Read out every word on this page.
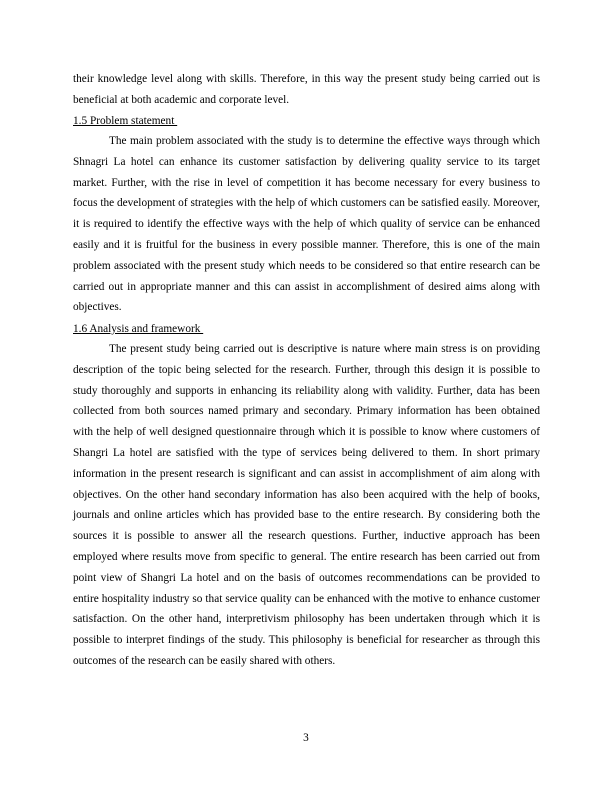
their knowledge level along with skills. Therefore, in this way the present study being carried out is beneficial at both academic and corporate level.

1.5 Problem statement

The main problem associated with the study is to determine the effective ways through which Shnagri La hotel can enhance its customer satisfaction by delivering quality service to its target market. Further, with the rise in level of competition it has become necessary for every business to focus the development of strategies with the help of which customers can be satisfied easily. Moreover, it is required to identify the effective ways with the help of which quality of service can be enhanced easily and it is fruitful for the business in every possible manner. Therefore, this is one of the main problem associated with the present study which needs to be considered so that entire research can be carried out in appropriate manner and this can assist in accomplishment of desired aims along with objectives.

1.6 Analysis and framework

The present study being carried out is descriptive is nature where main stress is on providing description of the topic being selected for the research. Further, through this design it is possible to study thoroughly and supports in enhancing its reliability along with validity. Further, data has been collected from both sources named primary and secondary. Primary information has been obtained with the help of well designed questionnaire through which it is possible to know where customers of Shangri La hotel are satisfied with the type of services being delivered to them. In short primary information in the present research is significant and can assist in accomplishment of aim along with objectives. On the other hand secondary information has also been acquired with the help of books, journals and online articles which has provided base to the entire research. By considering both the sources it is possible to answer all the research questions. Further, inductive approach has been employed where results move from specific to general. The entire research has been carried out from point view of Shangri La hotel and on the basis of outcomes recommendations can be provided to entire hospitality industry so that service quality can be enhanced with the motive to enhance customer satisfaction. On the other hand, interpretivism philosophy has been undertaken through which it is possible to interpret findings of the study. This philosophy is beneficial for researcher as through this outcomes of the research can be easily shared with others.

3
